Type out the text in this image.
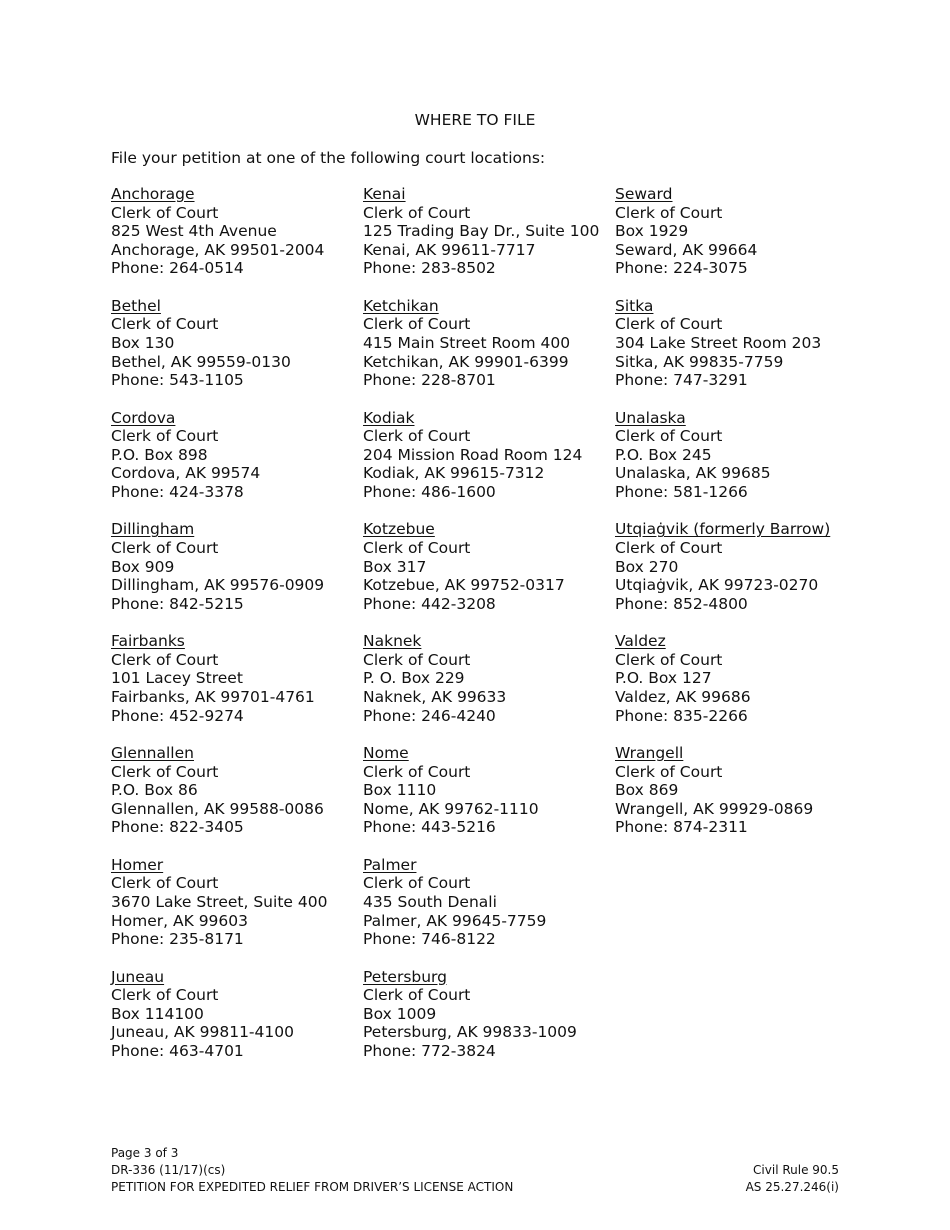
WHERE TO FILE
File your petition at one of the following court locations:
Anchorage
Clerk of Court
825 West 4th Avenue
Anchorage, AK 99501-2004
Phone: 264-0514
Bethel
Clerk of Court
Box 130
Bethel, AK 99559-0130
Phone: 543-1105
Cordova
Clerk of Court
P.O. Box 898
Cordova, AK 99574
Phone: 424-3378
Dillingham
Clerk of Court
Box 909
Dillingham, AK 99576-0909
Phone: 842-5215
Fairbanks
Clerk of Court
101 Lacey Street
Fairbanks, AK 99701-4761
Phone: 452-9274
Glennallen
Clerk of Court
P.O. Box 86
Glennallen, AK 99588-0086
Phone: 822-3405
Homer
Clerk of Court
3670 Lake Street, Suite 400
Homer, AK 99603
Phone: 235-8171
Juneau
Clerk of Court
Box 114100
Juneau, AK 99811-4100
Phone: 463-4701
Kenai
Clerk of Court
125 Trading Bay Dr., Suite 100
Kenai, AK 99611-7717
Phone: 283-8502
Ketchikan
Clerk of Court
415 Main Street Room 400
Ketchikan, AK 99901-6399
Phone: 228-8701
Kodiak
Clerk of Court
204 Mission Road Room 124
Kodiak, AK 99615-7312
Phone: 486-1600
Kotzebue
Clerk of Court
Box 317
Kotzebue, AK 99752-0317
Phone: 442-3208
Naknek
Clerk of Court
P. O. Box 229
Naknek, AK 99633
Phone: 246-4240
Nome
Clerk of Court
Box 1110
Nome, AK 99762-1110
Phone: 443-5216
Palmer
Clerk of Court
435 South Denali
Palmer, AK 99645-7759
Phone: 746-8122
Petersburg
Clerk of Court
Box 1009
Petersburg, AK 99833-1009
Phone: 772-3824
Seward
Clerk of Court
Box 1929
Seward, AK 99664
Phone: 224-3075
Sitka
Clerk of Court
304 Lake Street Room 203
Sitka, AK 99835-7759
Phone: 747-3291
Unalaska
Clerk of Court
P.O. Box 245
Unalaska, AK 99685
Phone: 581-1266
Utqiaġvik (formerly Barrow)
Clerk of Court
Box 270
Utqiaġvik, AK 99723-0270
Phone: 852-4800
Valdez
Clerk of Court
P.O. Box 127
Valdez, AK 99686
Phone: 835-2266
Wrangell
Clerk of Court
Box 869
Wrangell, AK 99929-0869
Phone: 874-2311
Page 3 of 3
DR-336 (11/17)(cs)
PETITION FOR EXPEDITED RELIEF FROM DRIVER’S LICENSE ACTION
Civil Rule 90.5
AS 25.27.246(i)
